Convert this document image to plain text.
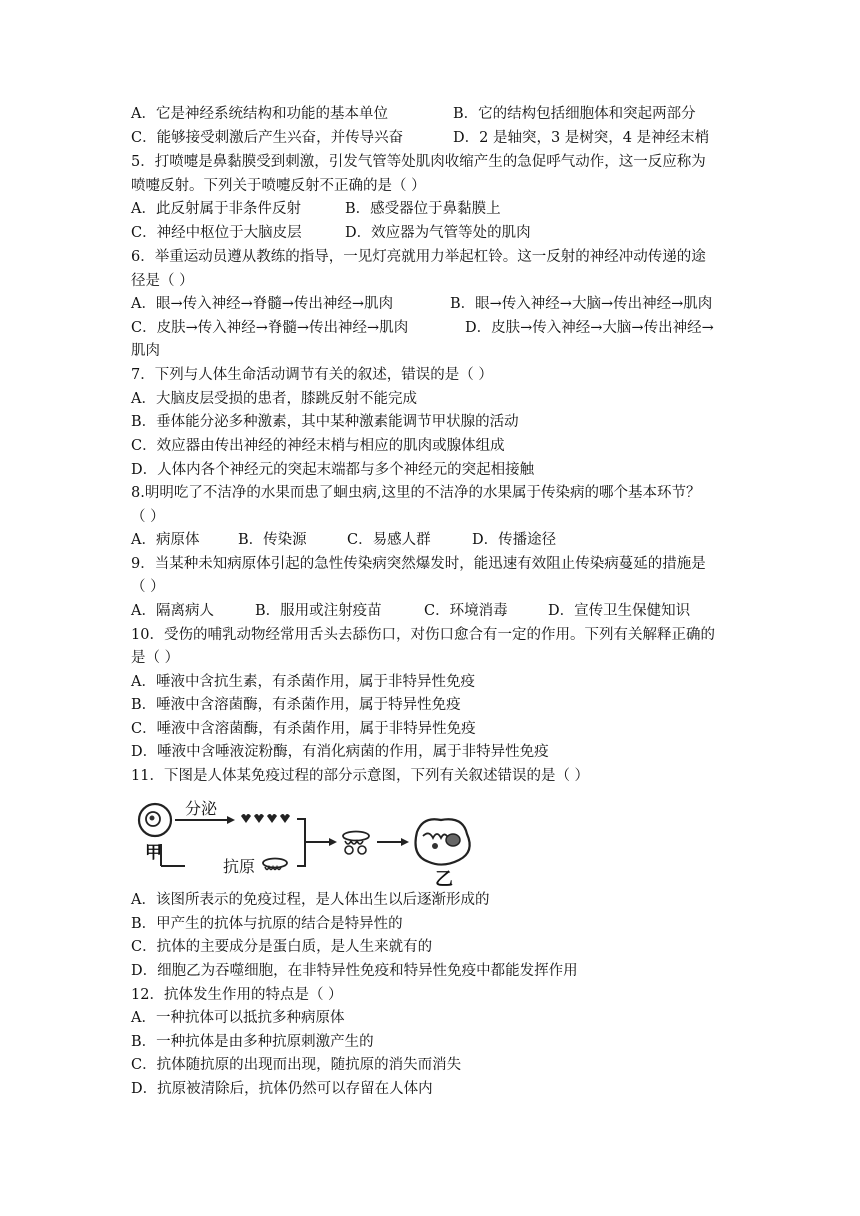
A．它是神经系统结构和功能的基本单位	B．它的结构包括细胞体和突起两部分
C．能够接受刺激后产生兴奋，并传导兴奋	D．2 是轴突，3 是树突，4 是神经末梢
5．打喷嚏是鼻黏膜受到刺激，引发气管等处肌肉收缩产生的急促呼气动作，这一反应称为
喷嚏反射。下列关于喷嚏反射不正确的是（ ）
A．此反射属于非条件反射	B．感受器位于鼻黏膜上
C．神经中枢位于大脑皮层	D．效应器为气管等处的肌肉
6．举重运动员遵从教练的指导，一见灯亮就用力举起杠铃。这一反射的神经冲动传递的途
径是（ ）
A．眼→传入神经→脊髓→传出神经→肌肉	B．眼→传入神经→大脑→传出神经→肌肉
C．皮肤→传入神经→脊髓→传出神经→肌肉	D．皮肤→传入神经→大脑→传出神经→
肌肉
7．下列与人体生命活动调节有关的叙述，错误的是（ ）
A．大脑皮层受损的患者，膝跳反射不能完成
B．垂体能分泌多种激素，其中某种激素能调节甲状腺的活动
C．效应器由传出神经的神经末梢与相应的肌肉或腺体组成
D．人体内各个神经元的突起末端都与多个神经元的突起相接触
8.明明吃了不洁净的水果而患了蛔虫病,这里的不洁净的水果属于传染病的哪个基本环节？
（ ）
A．病原体	B．传染源	C．易感人群	D．传播途径
9．当某种未知病原体引起的急性传染病突然爆发时，能迅速有效阻止传染病蔓延的措施是
（ ）
A．隔离病人	B．服用或注射疫苗	C．环境消毒	D．宣传卫生保健知识
10．受伤的哺乳动物经常用舌头去舔伤口，对伤口愈合有一定的作用。下列有关解释正确的
是（ ）
A．唾液中含抗生素，有杀菌作用，属于非特异性免疫
B．唾液中含溶菌酶，有杀菌作用，属于特异性免疫
C．唾液中含溶菌酶，有杀菌作用，属于非特异性免疫
D．唾液中含唾液淀粉酶，有消化病菌的作用，属于非特异性免疫
11．下图是人体某免疫过程的部分示意图，下列有关叙述错误的是（ ）
甲
分泌
抗原
乙
A．该图所表示的免疫过程，是人体出生以后逐渐形成的
B．甲产生的抗体与抗原的结合是特异性的
C．抗体的主要成分是蛋白质，是人生来就有的
D．细胞乙为吞噬细胞，在非特异性免疫和特异性免疫中都能发挥作用
12．抗体发生作用的特点是（ ）
A．一种抗体可以抵抗多种病原体
B．一种抗体是由多种抗原刺激产生的
C．抗体随抗原的出现而出现，随抗原的消失而消失
D．抗原被清除后，抗体仍然可以存留在人体内
